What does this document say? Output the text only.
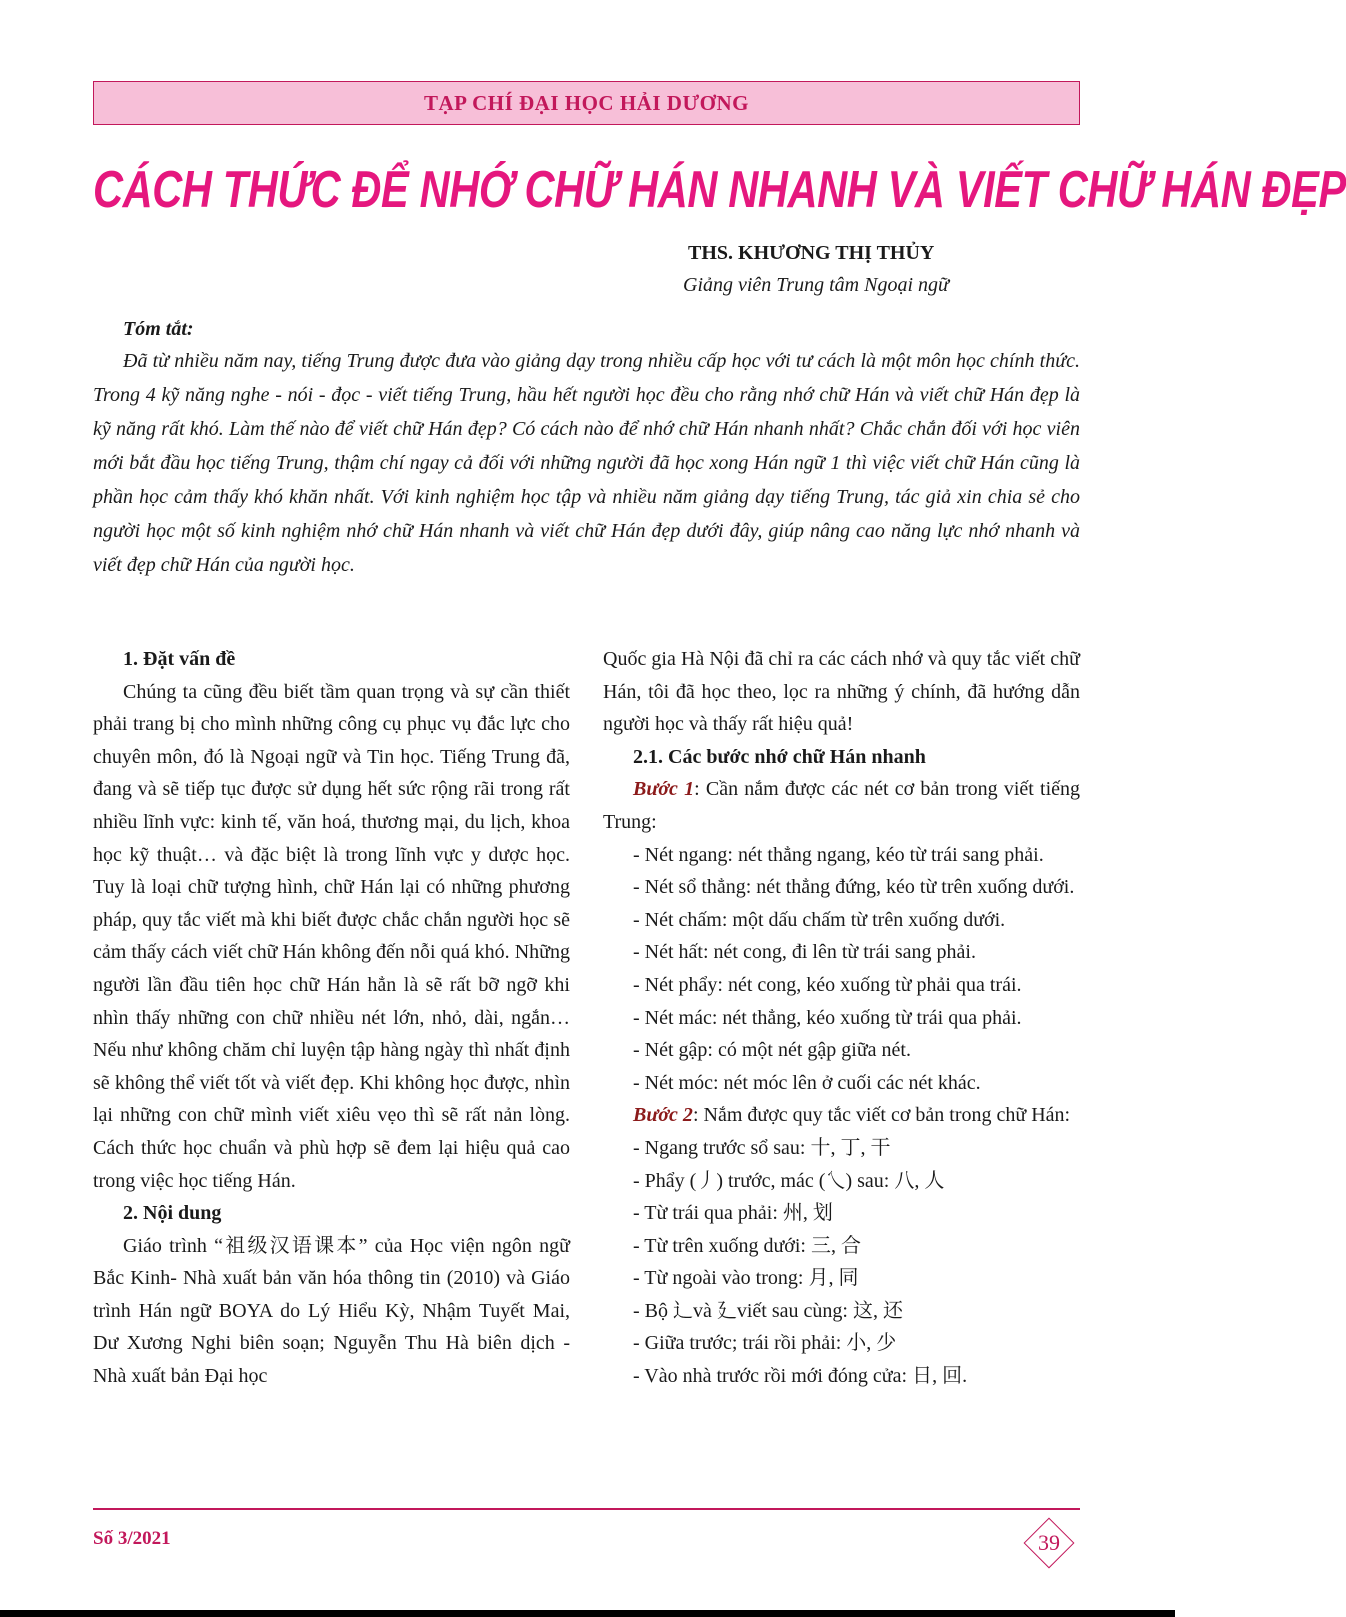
TẠP CHÍ ĐẠI HỌC HẢI DƯƠNG
CÁCH THỨC ĐỂ NHỚ CHỮ HÁN NHANH VÀ VIẾT CHỮ HÁN ĐẸP
THS. KHƯƠNG THỊ THỦY
Giảng viên Trung tâm Ngoại ngữ
Tóm tắt:

Đã từ nhiều năm nay, tiếng Trung được đưa vào giảng dạy trong nhiều cấp học với tư cách là một môn học chính thức. Trong 4 kỹ năng nghe - nói - đọc - viết tiếng Trung, hầu hết người học đều cho rằng nhớ chữ Hán và viết chữ Hán đẹp là kỹ năng rất khó. Làm thế nào để viết chữ Hán đẹp? Có cách nào để nhớ chữ Hán nhanh nhất? Chắc chắn đối với học viên mới bắt đầu học tiếng Trung, thậm chí ngay cả đối với những người đã học xong Hán ngữ 1 thì việc viết chữ Hán cũng là phần học cảm thấy khó khăn nhất. Với kinh nghiệm học tập và nhiều năm giảng dạy tiếng Trung, tác giả xin chia sẻ cho người học một số kinh nghiệm nhớ chữ Hán nhanh và viết chữ Hán đẹp dưới đây, giúp nâng cao năng lực nhớ nhanh và viết đẹp chữ Hán của người học.

1. Đặt vấn đề

Chúng ta cũng đều biết tầm quan trọng và sự cần thiết phải trang bị cho mình những công cụ phục vụ đắc lực cho chuyên môn, đó là Ngoại ngữ và Tin học. Tiếng Trung đã, đang và sẽ tiếp tục được sử dụng hết sức rộng rãi trong rất nhiều lĩnh vực: kinh tế, văn hoá, thương mại, du lịch, khoa học kỹ thuật… và đặc biệt là trong lĩnh vực y dược học. Tuy là loại chữ tượng hình, chữ Hán lại có những phương pháp, quy tắc viết mà khi biết được chắc chắn người học sẽ cảm thấy cách viết chữ Hán không đến nỗi quá khó. Những người lần đầu tiên học chữ Hán hẳn là sẽ rất bỡ ngỡ khi nhìn thấy những con chữ nhiều nét lớn, nhỏ, dài, ngắn… Nếu như không chăm chỉ luyện tập hàng ngày thì nhất định sẽ không thể viết tốt và viết đẹp. Khi không học được, nhìn lại những con chữ mình viết xiêu vẹo thì sẽ rất nản lòng. Cách thức học chuẩn và phù hợp sẽ đem lại hiệu quả cao trong việc học tiếng Hán.

2. Nội dung

Giáo trình “祖级汉语课本” của Học viện ngôn ngữ Bắc Kinh- Nhà xuất bản văn hóa thông tin (2010) và Giáo trình Hán ngữ BOYA do Lý Hiểu Kỳ, Nhậm Tuyết Mai, Dư Xương Nghi biên soạn; Nguyễn Thu Hà biên dịch - Nhà xuất bản Đại học

Quốc gia Hà Nội đã chỉ ra các cách nhớ và quy tắc viết chữ Hán, tôi đã học theo, lọc ra những ý chính, đã hướng dẫn người học và thấy rất hiệu quả!

2.1. Các bước nhớ chữ Hán nhanh

Bước 1: Cần nắm được các nét cơ bản trong viết tiếng Trung:

- Nét ngang: nét thẳng ngang, kéo từ trái sang phải.

- Nét sổ thẳng: nét thẳng đứng, kéo từ trên xuống dưới.

- Nét chấm: một dấu chấm từ trên xuống dưới.

- Nét hất: nét cong, đi lên từ trái sang phải.

- Nét phẩy: nét cong, kéo xuống từ phải qua trái.

- Nét mác: nét thẳng, kéo xuống từ trái qua phải.

- Nét gập: có một nét gập giữa nét.

- Nét móc: nét móc lên ở cuối các nét khác.

Bước 2: Nắm được quy tắc viết cơ bản trong chữ Hán:

- Ngang trước sổ sau: 十, 丁, 干

- Phẩy (丿) trước, mác (乀) sau: 八, 人

- Từ trái qua phải: 州, 划

- Từ trên xuống dưới: 三, 合

- Từ ngoài vào trong: 月, 同

- Bộ 辶và 廴viết sau cùng: 这, 还

- Giữa trước; trái rồi phải: 小, 少

- Vào nhà trước rồi mới đóng cửa: 日, 回.

Số 3/2021	39
